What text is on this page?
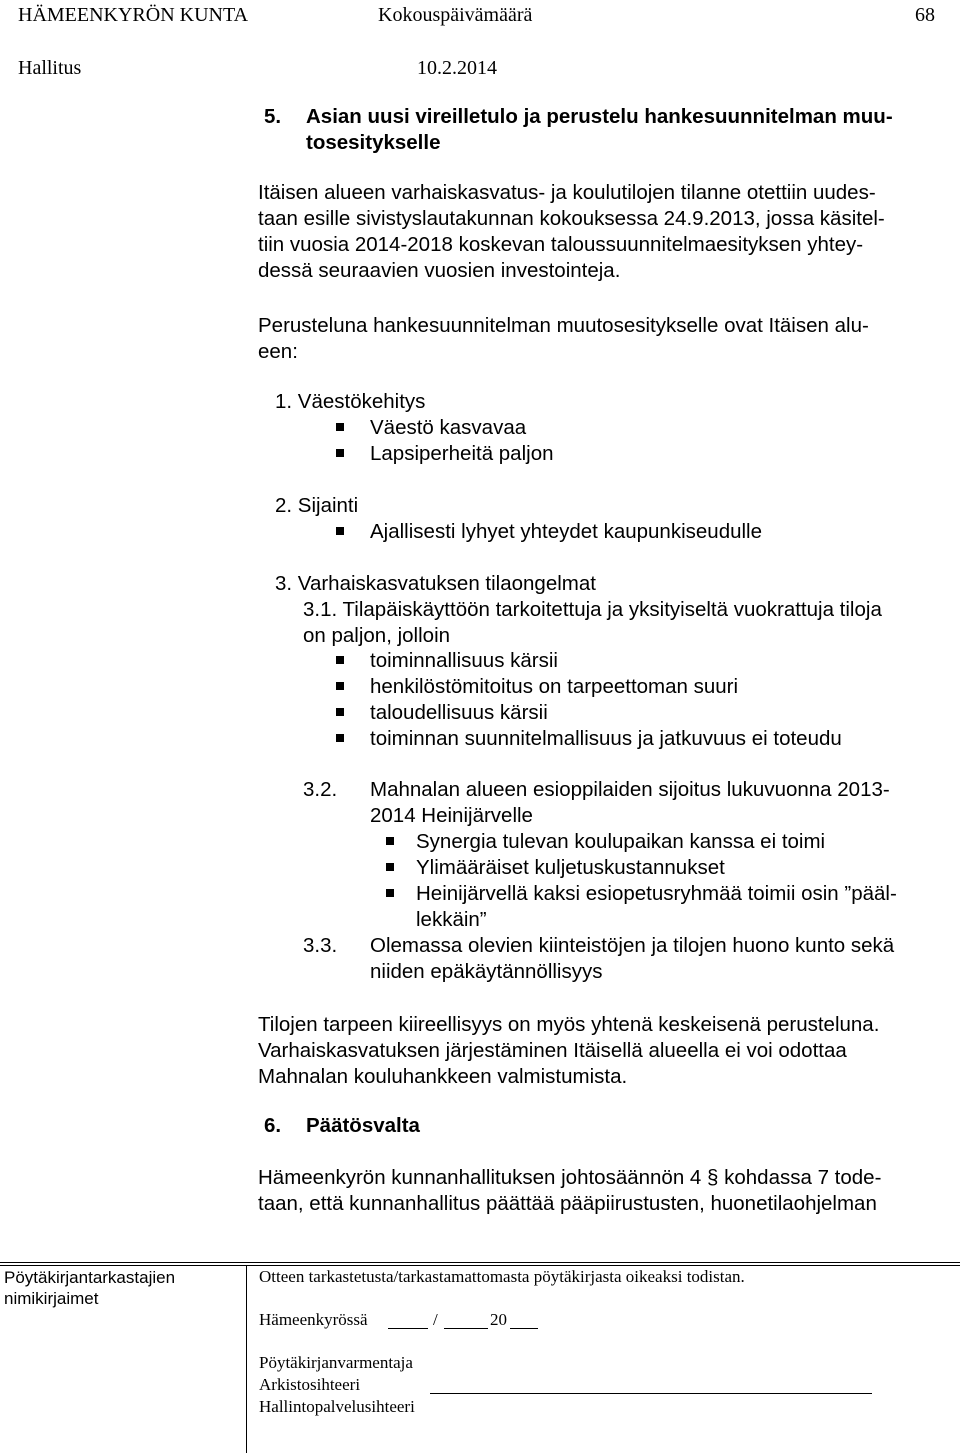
HÄMEENKYRÖN KUNTA	Kokouspäivämäärä	68
Hallitus	10.2.2014
5. Asian uusi vireilletulo ja perustelu hankesuunnitelman muu-
tosesitykselle
Itäisen alueen varhaiskasvatus- ja koulutilojen tilanne otettiin uudes-
taan esille sivistyslautakunnan kokouksessa 24.9.2013, jossa käsitel-
tiin vuosia 2014-2018 koskevan taloussuunnitelmaesityksen yhtey-
dessä seuraavien vuosien investointeja.
Perusteluna hankesuunnitelman muutosesitykselle ovat Itäisen alu-
een:
1. Väestökehitys
Väestö kasvavaa
Lapsiperheitä paljon
2. Sijainti
Ajallisesti lyhyet yhteydet kaupunkiseudulle
3. Varhaiskasvatuksen tilaongelmat
3.1. Tilapäiskäyttöön tarkoitettuja ja yksityiseltä vuokrattuja tiloja
on paljon, jolloin
toiminnallisuus kärsii
henkilöstömitoitus on tarpeettoman suuri
taloudellisuus kärsii
toiminnan suunnitelmallisuus ja jatkuvuus ei toteudu
3.2. Mahnalan alueen esioppilaiden sijoitus lukuvuonna 2013-
2014 Heinijärvelle
Synergia tulevan koulupaikan kanssa ei toimi
Ylimääräiset kuljetuskustannukset
Heinijärvellä kaksi esiopetusryhmää toimii osin ”pääl-
lekkäin”
3.3. Olemassa olevien kiinteistöjen ja tilojen huono kunto sekä
niiden epäkäytännöllisyys
Tilojen tarpeen kiireellisyys on myös yhtenä keskeisenä perusteluna.
Varhaiskasvatuksen järjestäminen Itäisellä alueella ei voi odottaa
Mahnalan kouluhankkeen valmistumista.
6. Päätösvalta
Hämeenkyrön kunnanhallituksen johtosäännön 4 § kohdassa 7 tode-
taan, että kunnanhallitus päättää pääpiirustusten, huonetilaohjelman
Pöytäkirjantarkastajien
nimikirjaimet
Otteen tarkastetusta/tarkastamattomasta pöytäkirjasta oikeaksi todistan.
Hämeenkyrössä	/	20
Pöytäkirjanvarmentaja
Arkistosihteeri
Hallintopalvelusihteeri
